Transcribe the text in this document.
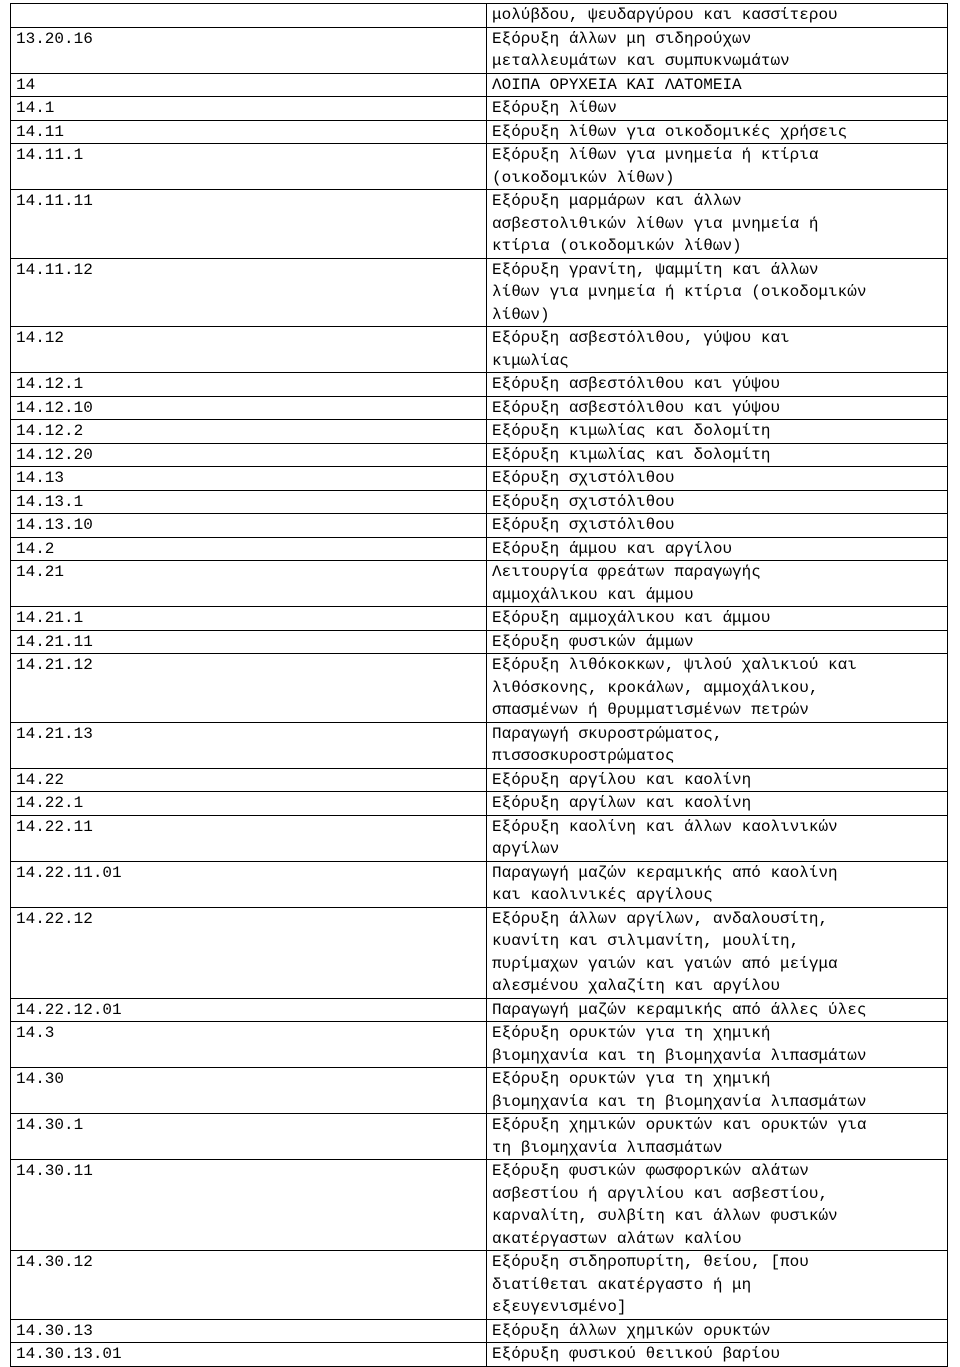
	μολύβδου, ψευδαργύρου και κασσίτερου
13.20.16	Εξόρυξη άλλων μη σιδηρούχων
μεταλλευμάτων και συμπυκνωμάτων
14	ΛΟΙΠΑ ΟΡΥΧΕΙΑ ΚΑΙ ΛΑΤΟΜΕΙΑ
14.1	Εξόρυξη λίθων
14.11	Εξόρυξη λίθων για οικοδομικές χρήσεις
14.11.1	Εξόρυξη λίθων για μνημεία ή κτίρια
(οικοδομικών λίθων)
14.11.11	Εξόρυξη μαρμάρων και άλλων
ασβεστολιθικών λίθων για μνημεία ή
κτίρια (οικοδομικών λίθων)
14.11.12	Εξόρυξη γρανίτη, ψαμμίτη και άλλων
λίθων για μνημεία ή κτίρια (οικοδομικών
λίθων)
14.12	Εξόρυξη ασβεστόλιθου, γύψου και
κιμωλίας
14.12.1	Εξόρυξη ασβεστόλιθου και γύψου
14.12.10	Εξόρυξη ασβεστόλιθου και γύψου
14.12.2	Εξόρυξη κιμωλίας και δολομίτη
14.12.20	Εξόρυξη κιμωλίας και δολομίτη
14.13	Εξόρυξη σχιστόλιθου
14.13.1	Εξόρυξη σχιστόλιθου
14.13.10	Εξόρυξη σχιστόλιθου
14.2	Εξόρυξη άμμου και αργίλου
14.21	Λειτουργία φρεάτων παραγωγής
αμμοχάλικου και άμμου
14.21.1	Εξόρυξη αμμοχάλικου και άμμου
14.21.11	Εξόρυξη φυσικών άμμων
14.21.12	Εξόρυξη λιθόκοκκων, ψιλού χαλικιού και
λιθόσκονης, κροκάλων, αμμοχάλικου,
σπασμένων ή θρυμματισμένων πετρών
14.21.13	Παραγωγή σκυροστρώματος,
πισσοσκυροστρώματος
14.22	Εξόρυξη αργίλου και καολίνη
14.22.1	Εξόρυξη αργίλων και καολίνη
14.22.11	Εξόρυξη καολίνη και άλλων καολινικών
αργίλων
14.22.11.01	Παραγωγή μαζών κεραμικής από καολίνη
και καολινικές αργίλους
14.22.12	Εξόρυξη άλλων αργίλων, ανδαλουσίτη,
κυανίτη και σιλιμανίτη, μουλίτη,
πυρίμαχων γαιών και γαιών από μείγμα
αλεσμένου χαλαζίτη και αργίλου
14.22.12.01	Παραγωγή μαζών κεραμικής από άλλες ύλες
14.3	Εξόρυξη ορυκτών για τη χημική
βιομηχανία και τη βιομηχανία λιπασμάτων
14.30	Εξόρυξη ορυκτών για τη χημική
βιομηχανία και τη βιομηχανία λιπασμάτων
14.30.1	Εξόρυξη χημικών ορυκτών και ορυκτών για
τη βιομηχανία λιπασμάτων
14.30.11	Εξόρυξη φυσικών φωσφορικών αλάτων
ασβεστίου ή αργιλίου και ασβεστίου,
καρναλίτη, συλβίτη και άλλων φυσικών
ακατέργαστων αλάτων καλίου
14.30.12	Εξόρυξη σιδηροπυρίτη, θείου, [που
διατίθεται ακατέργαστο ή μη
εξευγενισμένο]
14.30.13	Εξόρυξη άλλων χημικών ορυκτών
14.30.13.01	Εξόρυξη φυσικού θειικού βαρίου
